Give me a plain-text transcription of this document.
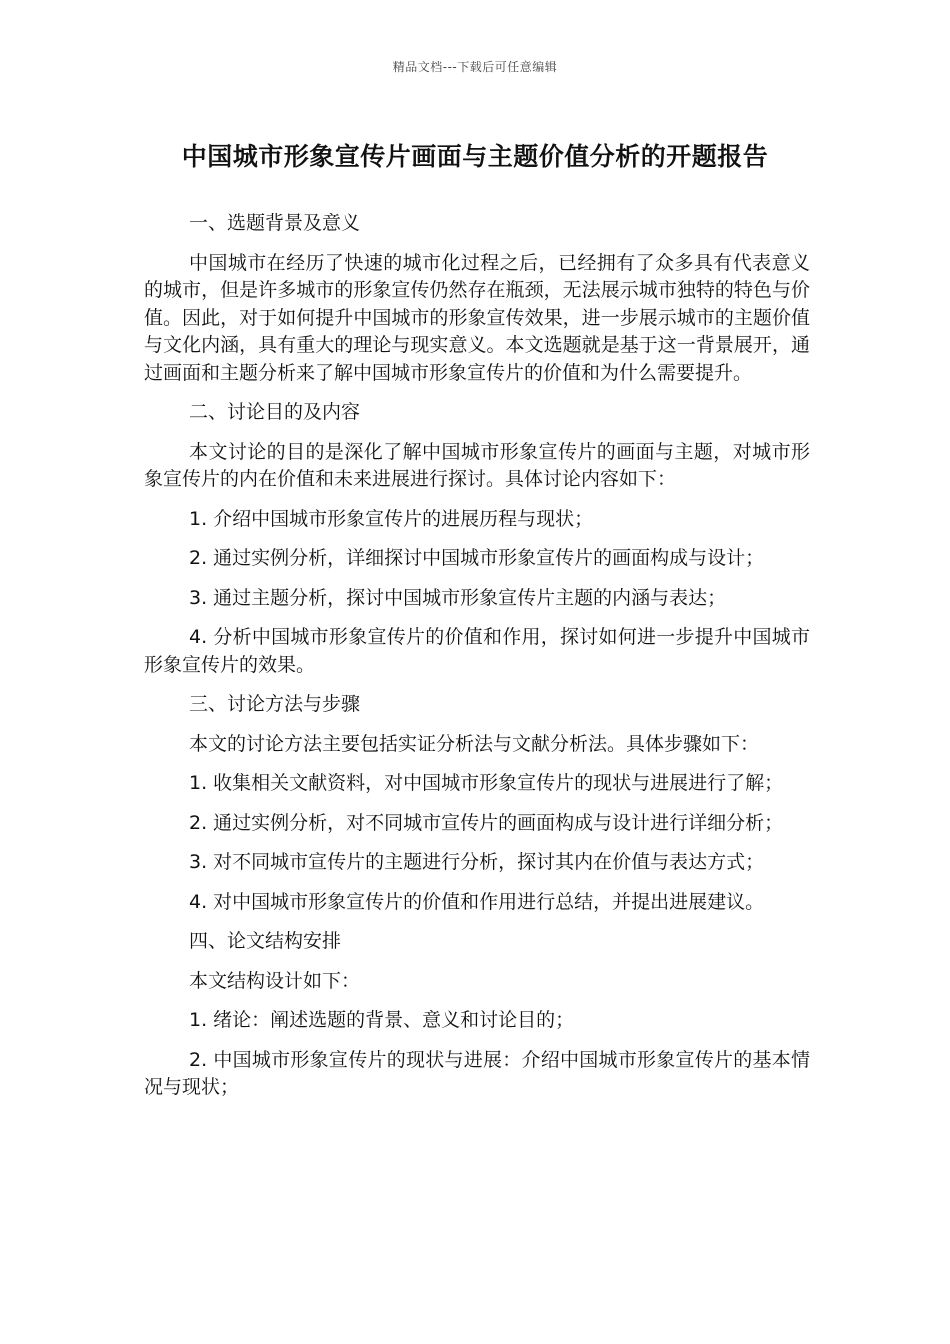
精品文档---下载后可任意编辑
中国城市形象宣传片画面与主题价值分析的开题报告

一、选题背景及意义

中国城市在经历了快速的城市化过程之后，已经拥有了众多具有代表意义的城市，但是许多城市的形象宣传仍然存在瓶颈，无法展示城市独特的特色与价值。因此，对于如何提升中国城市的形象宣传效果，进一步展示城市的主题价值与文化内涵，具有重大的理论与现实意义。本文选题就是基于这一背景展开，通过画面和主题分析来了解中国城市形象宣传片的价值和为什么需要提升。

二、讨论目的及内容

本文讨论的目的是深化了解中国城市形象宣传片的画面与主题，对城市形象宣传片的内在价值和未来进展进行探讨。具体讨论内容如下：

1. 介绍中国城市形象宣传片的进展历程与现状；

2. 通过实例分析，详细探讨中国城市形象宣传片的画面构成与设计；

3. 通过主题分析，探讨中国城市形象宣传片主题的内涵与表达；

4. 分析中国城市形象宣传片的价值和作用，探讨如何进一步提升中国城市形象宣传片的效果。

三、讨论方法与步骤

本文的讨论方法主要包括实证分析法与文献分析法。具体步骤如下：

1. 收集相关文献资料，对中国城市形象宣传片的现状与进展进行了解；

2. 通过实例分析，对不同城市宣传片的画面构成与设计进行详细分析；

3. 对不同城市宣传片的主题进行分析，探讨其内在价值与表达方式；

4. 对中国城市形象宣传片的价值和作用进行总结，并提出进展建议。

四、论文结构安排

本文结构设计如下：

1. 绪论：阐述选题的背景、意义和讨论目的；

2. 中国城市形象宣传片的现状与进展：介绍中国城市形象宣传片的基本情况与现状；
